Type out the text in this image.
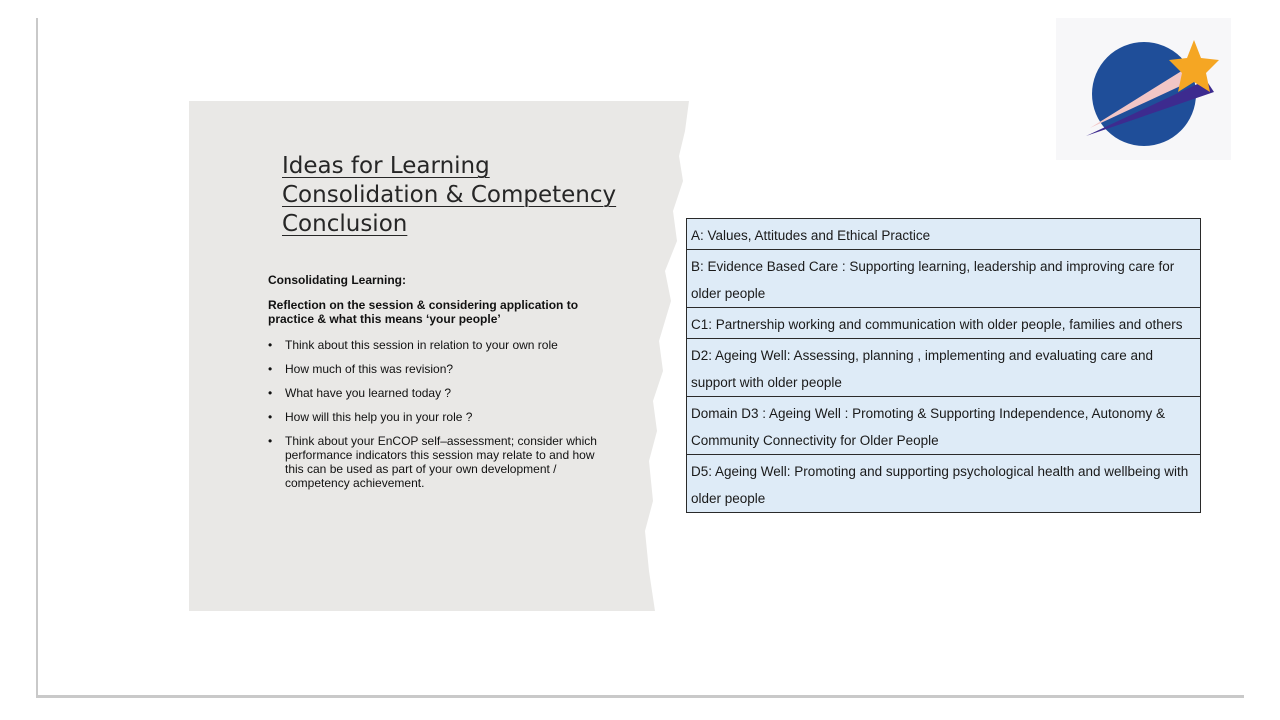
Ideas for Learning
Consolidation & Competency
Conclusion

Consolidating Learning:

Reflection on the session & considering application to practice & what this means ‘your people’

• Think about this session in relation to your own role
• How much of this was revision?
• What have you learned today ?
• How will this help you in your role ?
• Think about your EnCOP self–assessment; consider which performance indicators this session may relate to and how this can be used as part of your own development / competency achievement.
A: Values, Attitudes and Ethical Practice
B: Evidence Based Care : Supporting learning, leadership and improving care for older people
C1: Partnership working and communication with older people, families and others
D2: Ageing Well: Assessing, planning , implementing and evaluating care and support with older people
Domain D3 : Ageing Well : Promoting & Supporting Independence, Autonomy & Community Connectivity for Older People
D5: Ageing Well: Promoting and supporting psychological health and wellbeing with older people
